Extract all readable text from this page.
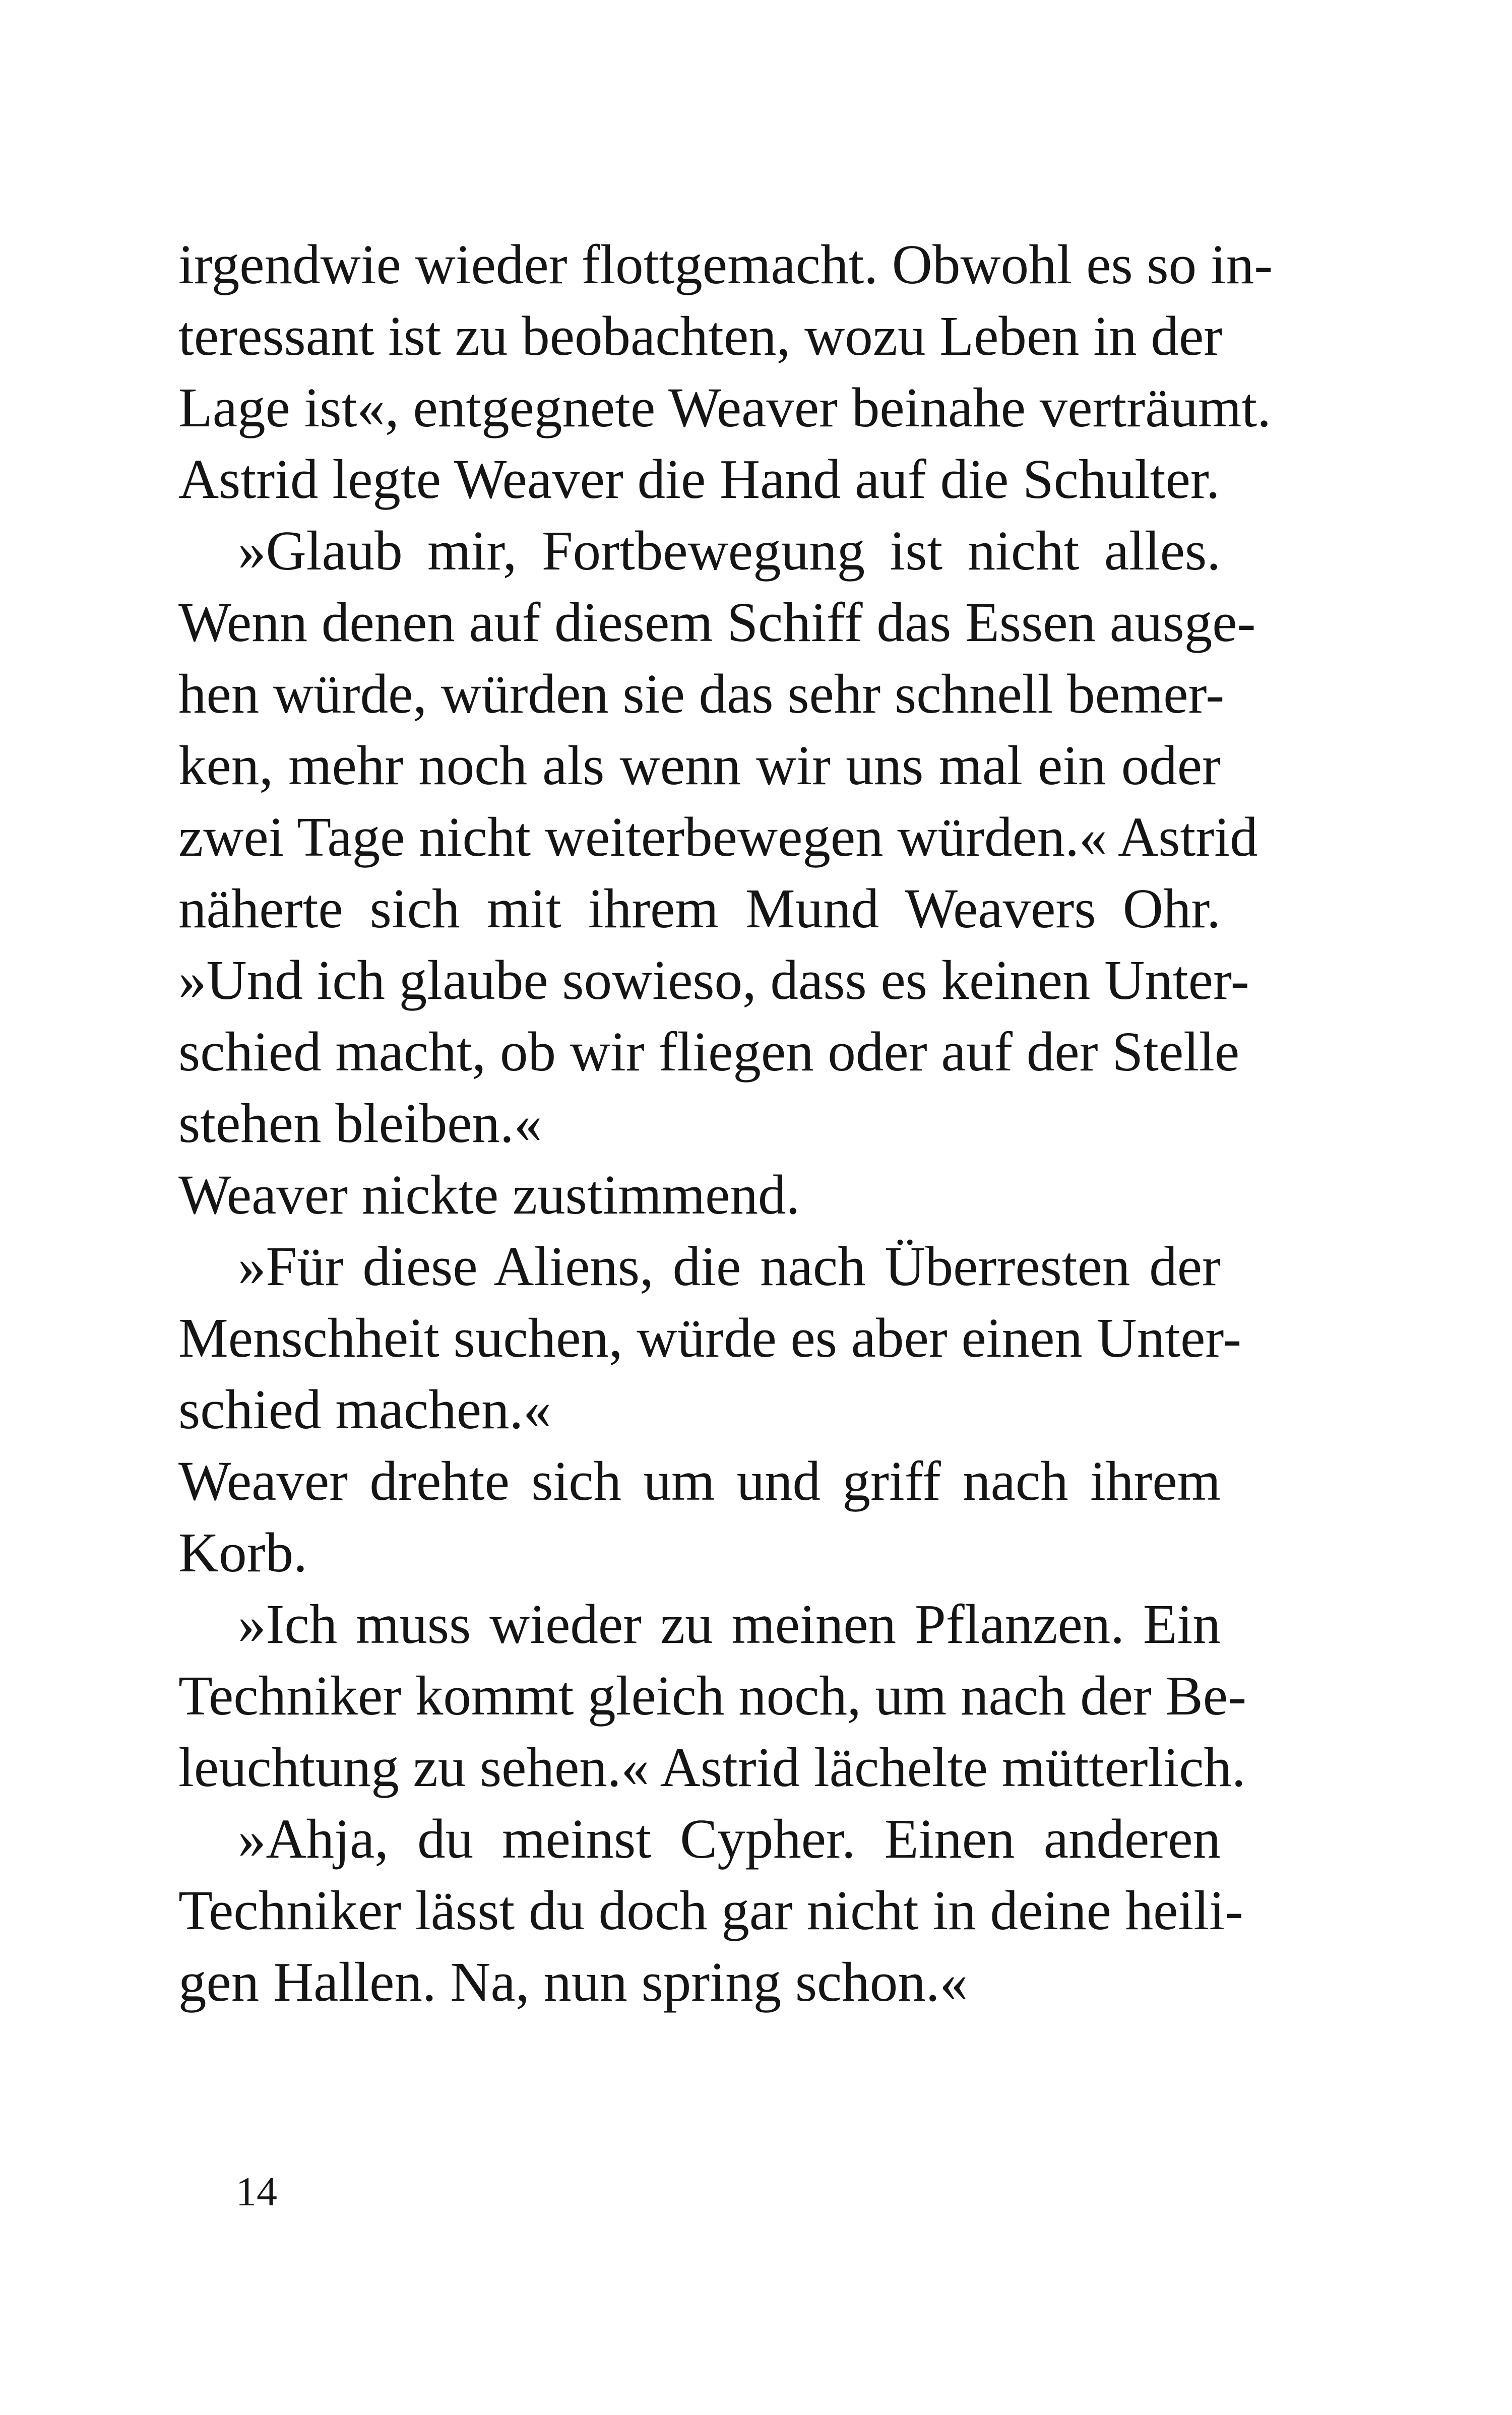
irgendwie wieder flottgemacht. Obwohl es so in-
teressant ist zu beobachten, wozu Leben in der
Lage ist«, entgegnete Weaver beinahe verträumt.
Astrid legte Weaver die Hand auf die Schulter.
»Glaub mir, Fortbewegung ist nicht alles.
Wenn denen auf diesem Schiff das Essen ausge-
hen würde, würden sie das sehr schnell bemer-
ken, mehr noch als wenn wir uns mal ein oder
zwei Tage nicht weiterbewegen würden.« Astrid
näherte sich mit ihrem Mund Weavers Ohr.
»Und ich glaube sowieso, dass es keinen Unter-
schied macht, ob wir fliegen oder auf der Stelle
stehen bleiben.«
Weaver nickte zustimmend.
»Für diese Aliens, die nach Überresten der
Menschheit suchen, würde es aber einen Unter-
schied machen.«
Weaver drehte sich um und griff nach ihrem
Korb.
»Ich muss wieder zu meinen Pflanzen. Ein
Techniker kommt gleich noch, um nach der Be-
leuchtung zu sehen.« Astrid lächelte mütterlich.
»Ahja, du meinst Cypher. Einen anderen
Techniker lässt du doch gar nicht in deine heili-
gen Hallen. Na, nun spring schon.«
14
